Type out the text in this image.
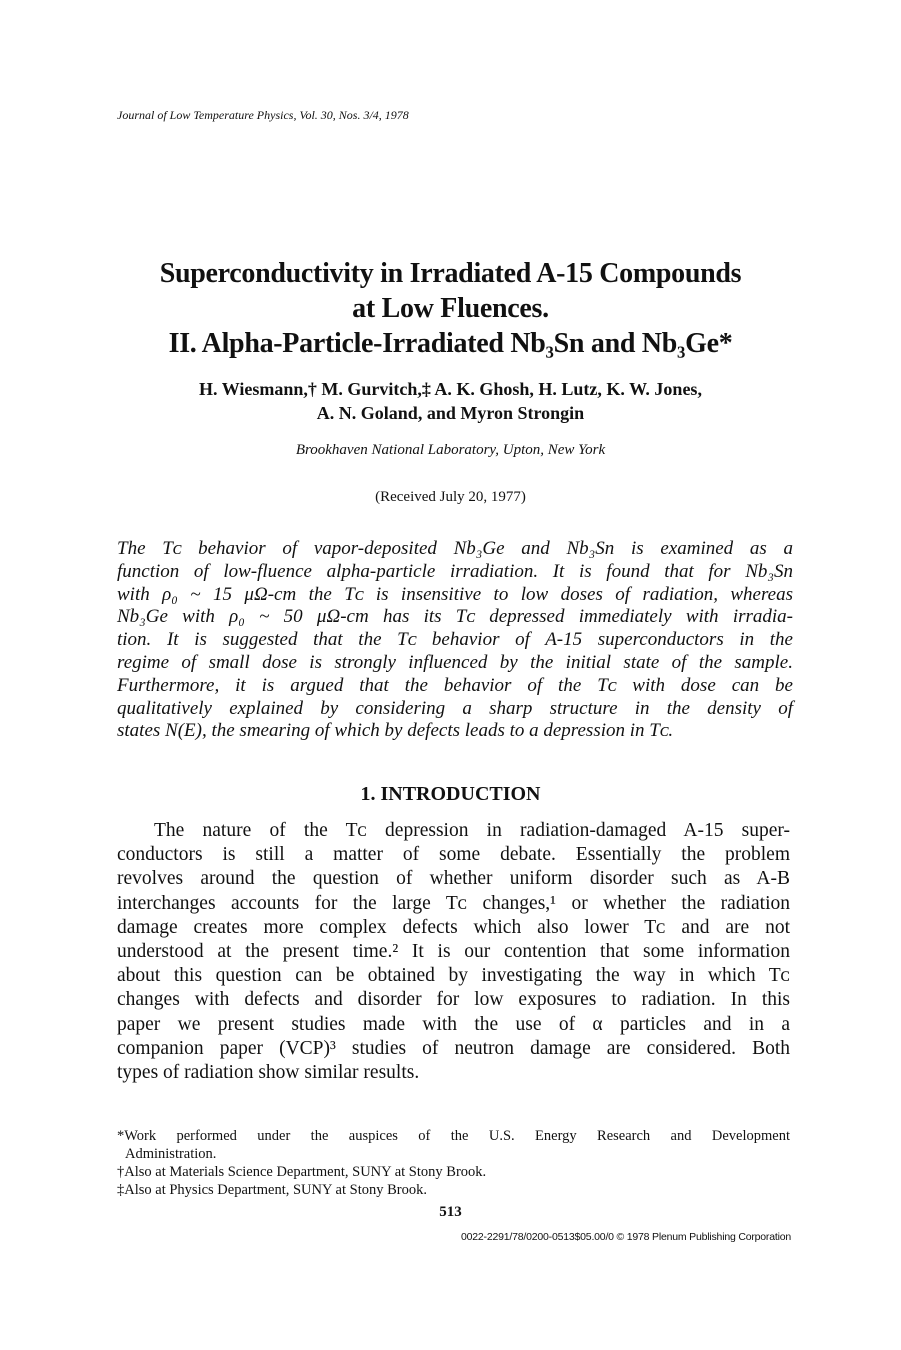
Journal of Low Temperature Physics, Vol. 30, Nos. 3/4, 1978
Superconductivity in Irradiated A-15 Compounds
at Low Fluences.
II. Alpha-Particle-Irradiated Nb₃Sn and Nb₃Ge*
H. Wiesmann,† M. Gurvitch,‡ A. K. Ghosh, H. Lutz, K. W. Jones,
A. N. Goland, and Myron Strongin
Brookhaven National Laboratory, Upton, New York
(Received July 20, 1977)
The Tᴄ behavior of vapor-deposited Nb₃Ge and Nb₃Sn is examined as a
function of low-fluence alpha-particle irradiation. It is found that for Nb₃Sn
with ρ₀ ~ 15 μΩ-cm the Tᴄ is insensitive to low doses of radiation, whereas
Nb₃Ge with ρ₀ ~ 50 μΩ-cm has its Tᴄ depressed immediately with irradia-
tion. It is suggested that the Tᴄ behavior of A-15 superconductors in the
regime of small dose is strongly influenced by the initial state of the sample.
Furthermore, it is argued that the behavior of the Tᴄ with dose can be
qualitatively explained by considering a sharp structure in the density of
states N(E), the smearing of which by defects leads to a depression in Tᴄ.
1. INTRODUCTION
The nature of the Tᴄ depression in radiation-damaged A-15 super-
conductors is still a matter of some debate. Essentially the problem
revolves around the question of whether uniform disorder such as A-B
interchanges accounts for the large Tᴄ changes,¹ or whether the radiation
damage creates more complex defects which also lower Tᴄ and are not
understood at the present time.² It is our contention that some information
about this question can be obtained by investigating the way in which Tᴄ
changes with defects and disorder for low exposures to radiation. In this
paper we present studies made with the use of α particles and in a
companion paper (VCP)³ studies of neutron damage are considered. Both
types of radiation show similar results.
*Work performed under the auspices of the U.S. Energy Research and Development
Administration.
†Also at Materials Science Department, SUNY at Stony Brook.
‡Also at Physics Department, SUNY at Stony Brook.
513
0022-2291/78/0200-0513$05.00/0 © 1978 Plenum Publishing Corporation
